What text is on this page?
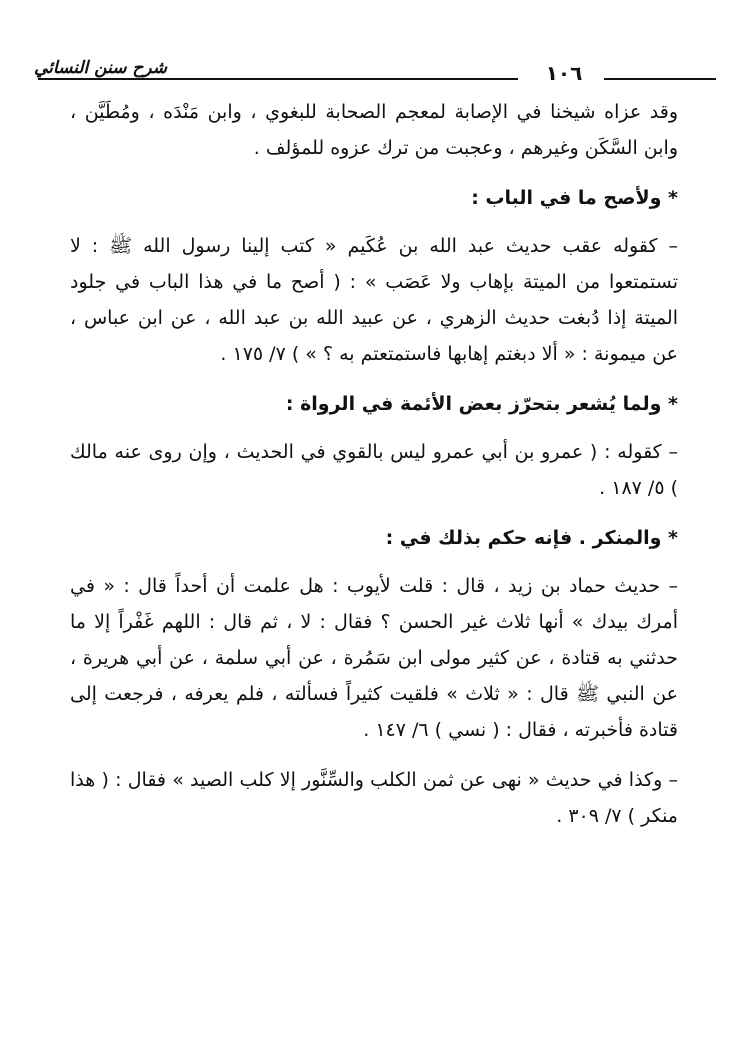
شرح سنن النسائي	١٠٦

وقد عزاه شيخنا في الإصابة لمعجم الصحابة للبغوي ، وابن مَنْدَه ، ومُطَيَّن ، وابن السَّكَن وغيرهم ، وعجبت من ترك عزوه للمؤلف .

* ولأصح ما في الباب :

– كقوله عقب حديث عبد الله بن عُكَيم « كتب إلينا رسول الله ﷺ : لا تستمتعوا من الميتة بإهاب ولا عَصَب » : ( أصح ما في هذا الباب في جلود الميتة إذا دُبغت حديث الزهري ، عن عبيد الله بن عبد الله ، عن ابن عباس ، عن ميمونة : « ألا دبغتم إهابها فاستمتعتم به ؟ » ) ٧/ ١٧٥ .

* ولما يُشعر بتحرّز بعض الأئمة في الرواة :

– كقوله : ( عمرو بن أبي عمرو ليس بالقوي في الحديث ، وإن روى عنه مالك ) ٥/ ١٨٧ .

* والمنكر . فإنه حكم بذلك في :

– حديث حماد بن زيد ، قال : قلت لأيوب : هل علمت أن أحداً قال : « في أمرك بيدك » أنها ثلاث غير الحسن ؟ فقال : لا ، ثم قال : اللهم غَفْراً إلا ما حدثني به قتادة ، عن كثير مولى ابن سَمُرة ، عن أبي سلمة ، عن أبي هريرة ، عن النبي ﷺ قال : « ثلاث » فلقيت كثيراً فسألته ، فلم يعرفه ، فرجعت إلى قتادة فأخبرته ، فقال : ( نسي ) ٦/ ١٤٧ .

– وكذا في حديث « نهى عن ثمن الكلب والسِّنَّور إلا كلب الصيد » فقال : ( هذا منكر ) ٧/ ٣٠٩ .
